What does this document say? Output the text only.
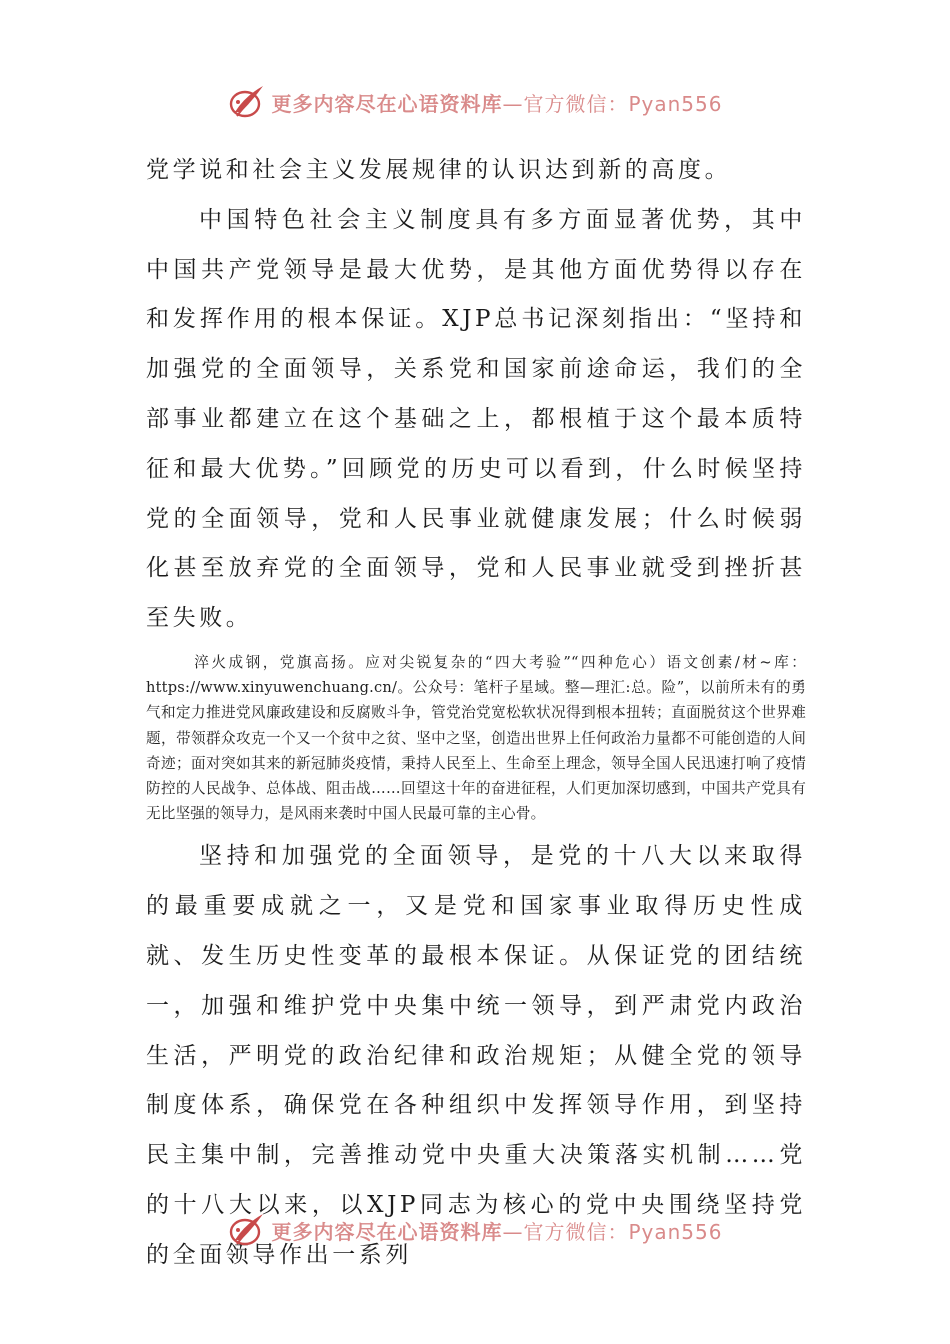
更多内容尽在心语资料库—官方微信：Pyan556

党学说和社会主义发展规律的认识达到新的高度。

中国特色社会主义制度具有多方面显著优势，其中中国共产党领导是最大优势，是其他方面优势得以存在和发挥作用的根本保证。XJP总书记深刻指出：“坚持和加强党的全面领导，关系党和国家前途命运，我们的全部事业都建立在这个基础之上，都根植于这个最本质特征和最大优势。”回顾党的历史可以看到，什么时候坚持党的全面领导，党和人民事业就健康发展；什么时候弱化甚至放弃党的全面领导，党和人民事业就受到挫折甚至失败。

淬火成钢，党旗高扬。应对尖锐复杂的“四大考验”“四种危心）语文创素/材~库：https://www.xinyuwenchuang.cn/。公众号：笔杆子星域。整—理汇:总。险”，以前所未有的勇气和定力推进党风廉政建设和反腐败斗争，管党治党宽松软状况得到根本扭转；直面脱贫这个世界难题，带领群众攻克一个又一个贫中之贫、坚中之坚，创造出世界上任何政治力量都不可能创造的人间奇迹；面对突如其来的新冠肺炎疫情，秉持人民至上、生命至上理念，领导全国人民迅速打响了疫情防控的人民战争、总体战、阻击战……回望这十年的奋进征程，人们更加深切感到，中国共产党具有无比坚强的领导力，是风雨来袭时中国人民最可靠的主心骨。

坚持和加强党的全面领导，是党的十八大以来取得的最重要成就之一，又是党和国家事业取得历史性成就、发生历史性变革的最根本保证。从保证党的团结统一，加强和维护党中央集中统一领导，到严肃党内政治生活，严明党的政治纪律和政治规矩；从健全党的领导制度体系，确保党在各种组织中发挥领导作用，到坚持民主集中制，完善推动党中央重大决策落实机制……党的十八大以来，以XJP同志为核心的党中央围绕坚持党的全面领导作出一系列

更多内容尽在心语资料库—官方微信：Pyan556
